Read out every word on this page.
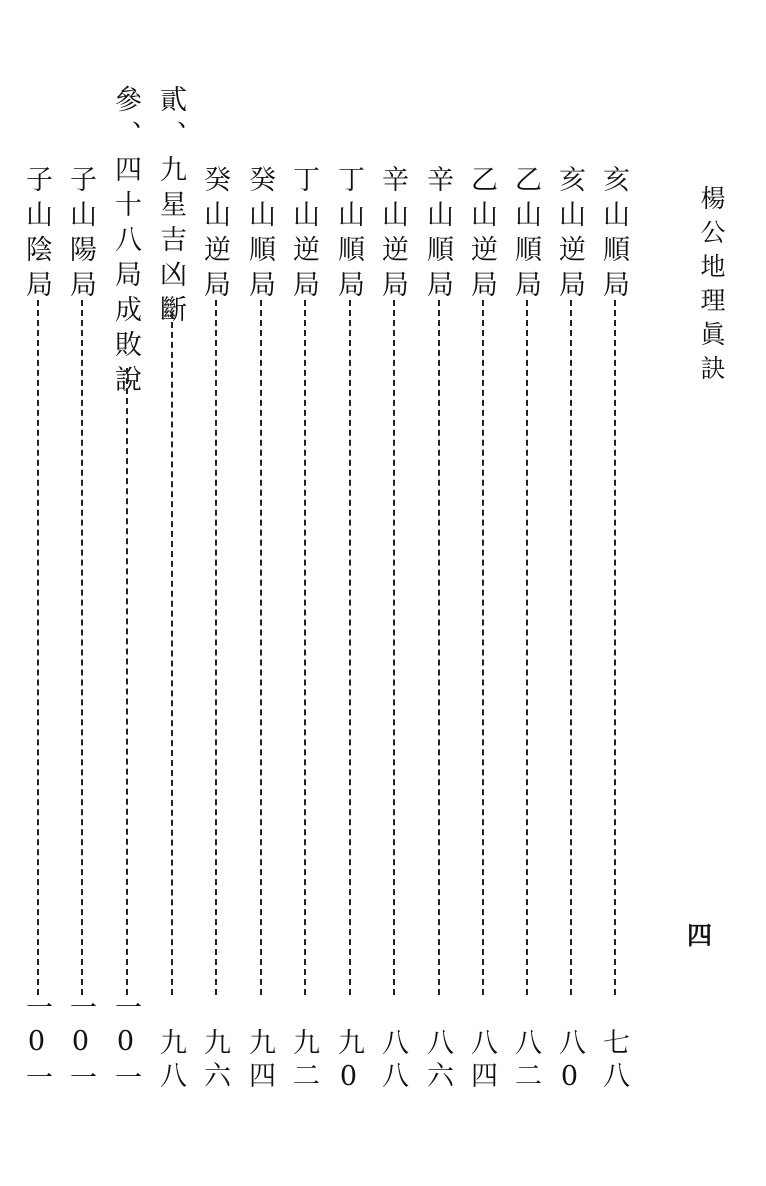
楊公地理眞訣
四
亥山順局
七八
亥山逆局
八0
乙山順局
八二
乙山逆局
八四
辛山順局
八六
辛山逆局
八八
丁山順局
九0
丁山逆局
九二
癸山順局
九四
癸山逆局
九六
貳、九星吉凶斷
九八
參、四十八局成敗說
一0一
子山陽局
一0一
子山陰局
一0一
